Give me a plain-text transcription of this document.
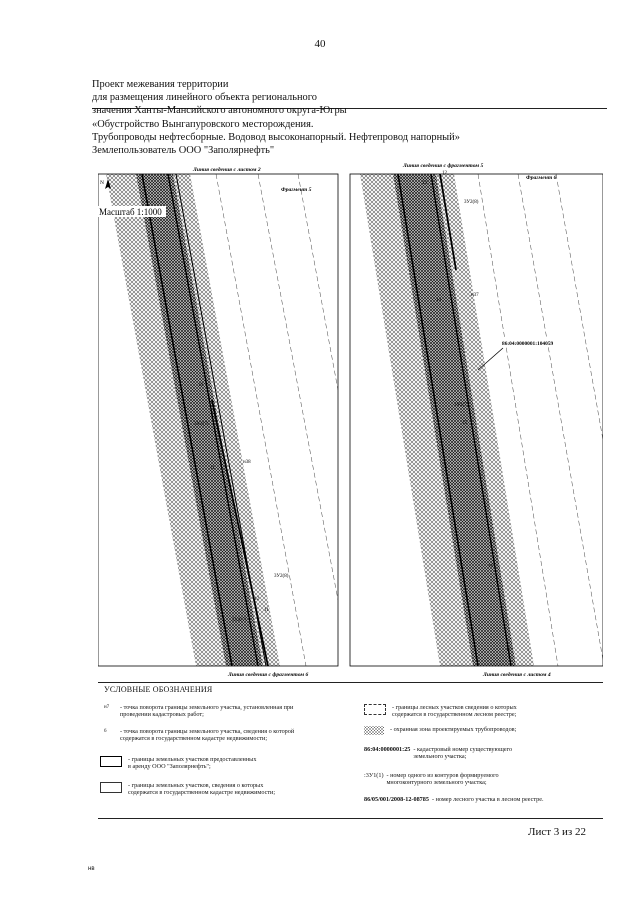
40
Проект межевания территории
для размещения линейного объекта регионального
значения Ханты-Мансийского автономного округа-Югры
«Обустройство Вынгапуровского месторождения.
Трубопроводы нефтесборные. Водовод высоконапорный. Нефтепровод напорный»
Землепользователь ООО "Заполярнефть"
Линия сведения с листом 2
Линия сведения с фрагментом 6
Фрагмент 5
N
Масштаб 1:1000
10
11
н38
12
3У2(7)
3У2(8)
3У2(7)
11
Линия сведения с фрагментом 5
Линия сведения с листом 4
Фрагмент 6
86:04:0000001:104059
13
14
15
16
17
н37
12
3У2(8)
3У2(7)
УСЛОВНЫЕ ОБОЗНАЧЕНИЯ
н7	- точка поворота границы земельного участка, установленная при
проведении кадастровых работ;
6	- точка поворота границы земельного участка, сведения о которой
содержатся в государственном кадастре недвижимости;
- границы земельных участков предоставленных
в аренду ООО "Заполярнефть";
- границы земельных участков, сведения о которых
содержатся в государственном кадастре недвижимости;
- границы лесных участков сведения о которых
содержатся в государственном лесном реестре;
- охранная зона проектируемых трубопроводов;
86:04:0000001:25 - кадастровый номер существующего
земельного участка;
:3У1(1) - номер одного из контуров формируемого
многоконтурного земельного участка;
86/05/001/2008-12-08785 - номер лесного участка в лесном реестре.
Лист 3 из 22
нв
